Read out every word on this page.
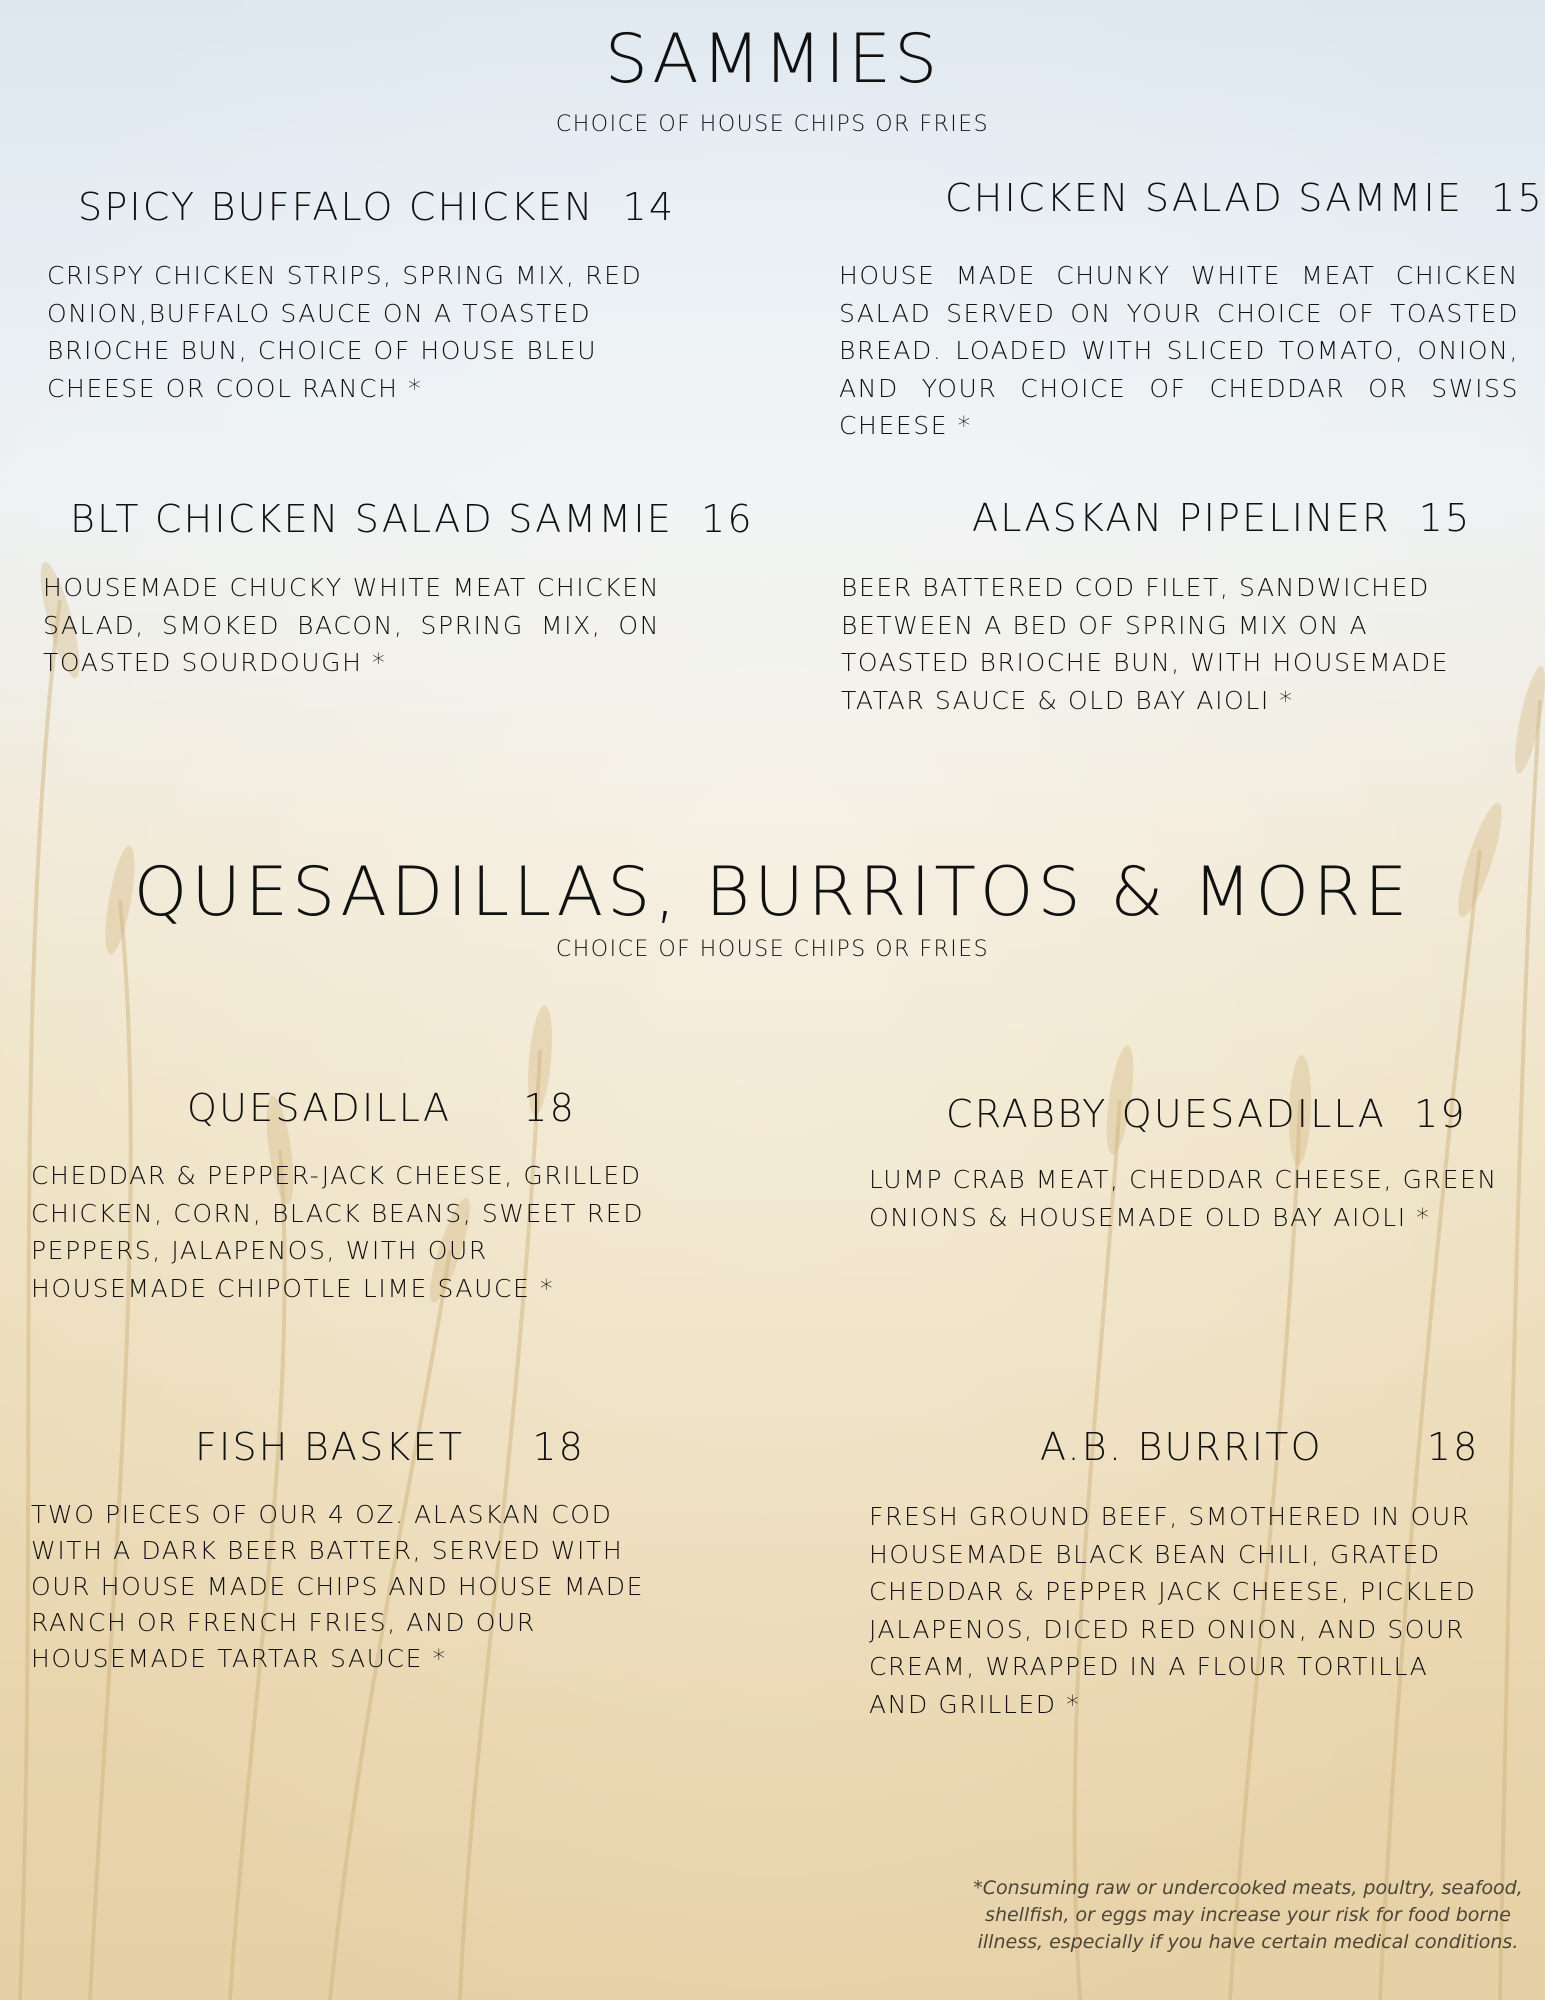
SAMMIES
CHOICE OF HOUSE CHIPS OR FRIES
SPICY BUFFALO CHICKEN 14
CRISPY CHICKEN STRIPS, SPRING MIX, RED ONION,BUFFALO SAUCE ON A TOASTED BRIOCHE BUN, CHOICE OF HOUSE BLEU CHEESE OR COOL RANCH *
CHICKEN SALAD SAMMIE 15
HOUSE MADE CHUNKY WHITE MEAT CHICKEN SALAD SERVED ON YOUR CHOICE OF TOASTED BREAD. LOADED WITH SLICED TOMATO, ONION, AND YOUR CHOICE OF CHEDDAR OR SWISS CHEESE *
BLT CHICKEN SALAD SAMMIE 16
HOUSEMADE CHUCKY WHITE MEAT CHICKEN SALAD, SMOKED BACON, SPRING MIX, ON TOASTED SOURDOUGH *
ALASKAN PIPELINER 15
BEER BATTERED COD FILET, SANDWICHED BETWEEN A BED OF SPRING MIX ON A TOASTED BRIOCHE BUN, WITH HOUSEMADE TATAR SAUCE & OLD BAY AIOLI *
QUESADILLAS, BURRITOS & MORE
CHOICE OF HOUSE CHIPS OR FRIES
QUESADILLA 18
CHEDDAR & PEPPER-JACK CHEESE, GRILLED CHICKEN, CORN, BLACK BEANS, SWEET RED PEPPERS, JALAPENOS, WITH OUR HOUSEMADE CHIPOTLE LIME SAUCE *
CRABBY QUESADILLA 19
LUMP CRAB MEAT, CHEDDAR CHEESE, GREEN ONIONS & HOUSEMADE OLD BAY AIOLI *
FISH BASKET 18
TWO PIECES OF OUR 4 OZ. ALASKAN COD WITH A DARK BEER BATTER, SERVED WITH OUR HOUSE MADE CHIPS AND HOUSE MADE RANCH OR FRENCH FRIES, AND OUR HOUSEMADE TARTAR SAUCE *
A.B. BURRITO	18
FRESH GROUND BEEF, SMOTHERED IN OUR HOUSEMADE BLACK BEAN CHILI, GRATED CHEDDAR & PEPPER JACK CHEESE, PICKLED JALAPENOS, DICED RED ONION, AND SOUR CREAM, WRAPPED IN A FLOUR TORTILLA AND GRILLED *
*Consuming raw or undercooked meats, poultry, seafood, shellfish, or eggs may increase your risk for food borne illness, especially if you have certain medical conditions.
